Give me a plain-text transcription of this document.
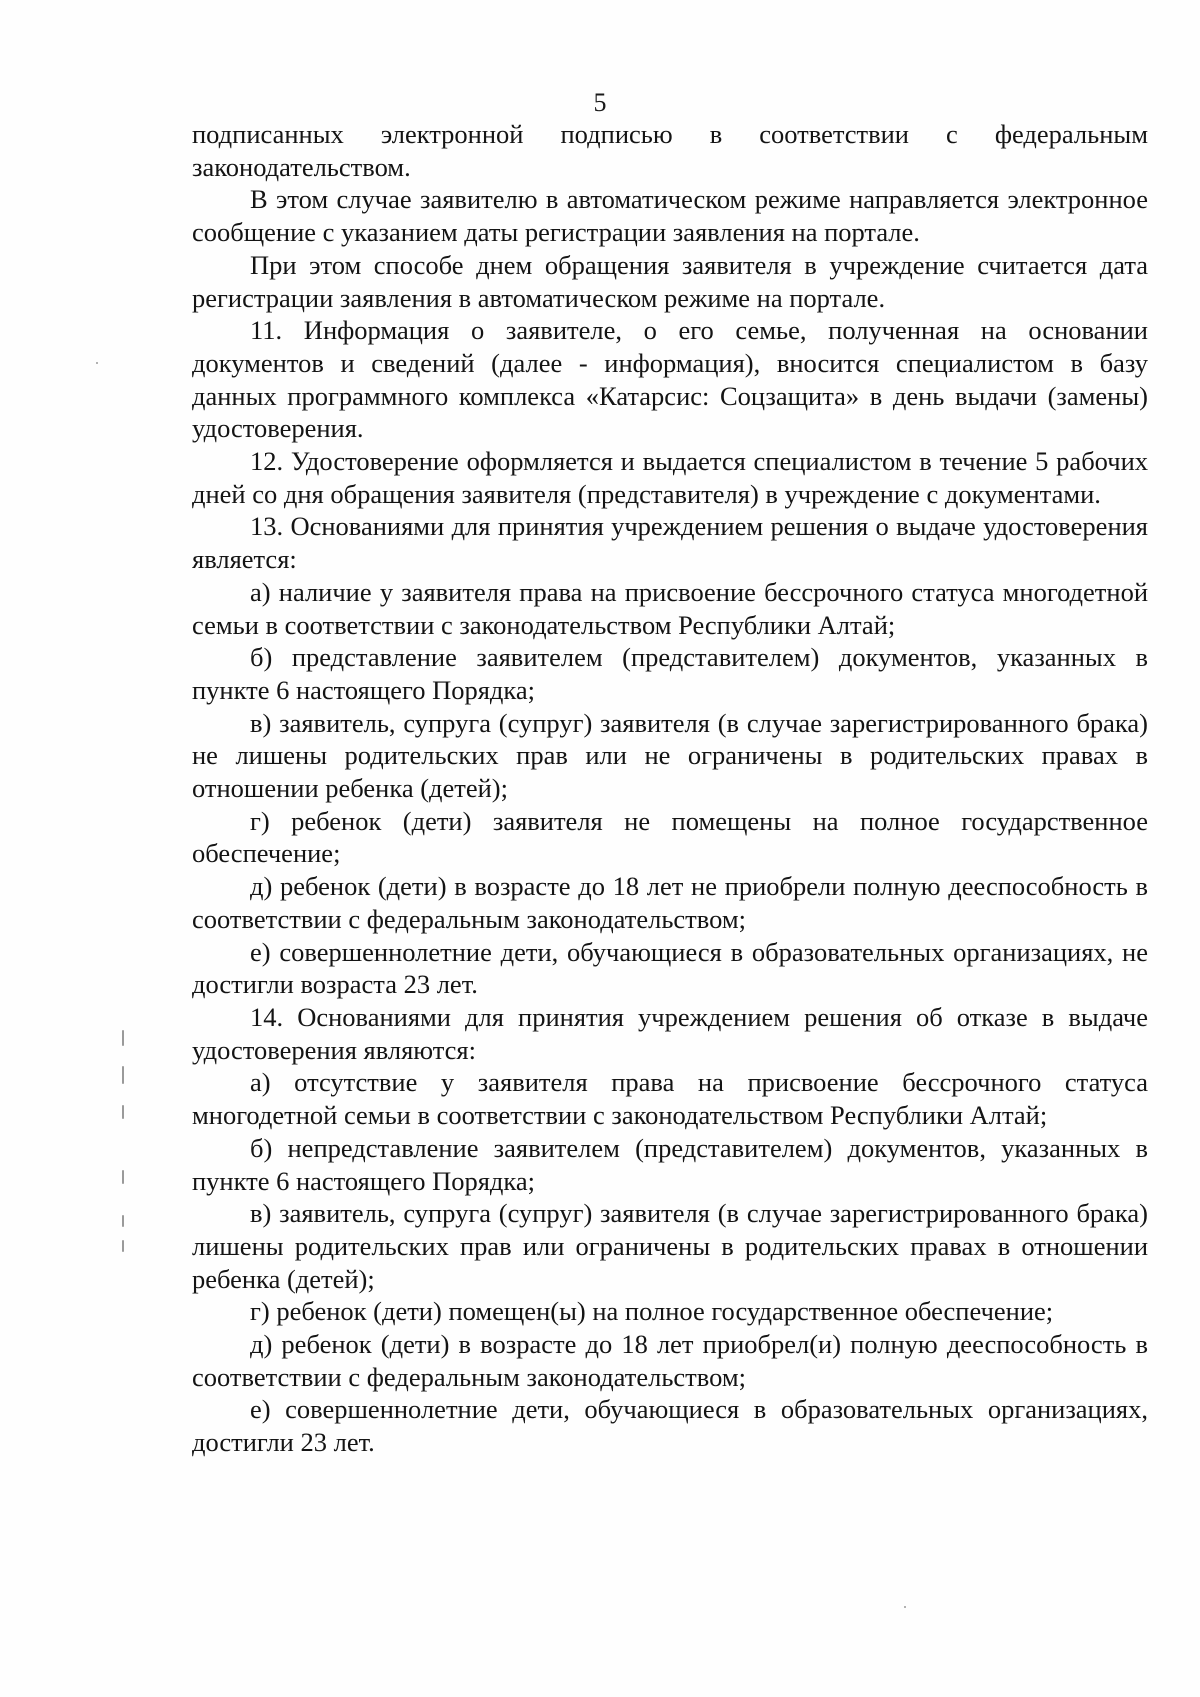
5

подписанных электронной подписью в соответствии с федеральным законодательством.

В этом случае заявителю в автоматическом режиме направляется электронное сообщение с указанием даты регистрации заявления на портале.

При этом способе днем обращения заявителя в учреждение считается дата регистрации заявления в автоматическом режиме на портале.

11. Информация о заявителе, о его семье, полученная на основании документов и сведений (далее - информация), вносится специалистом в базу данных программного комплекса «Катарсис: Соцзащита» в день выдачи (замены) удостоверения.

12. Удостоверение оформляется и выдается специалистом в течение 5 рабочих дней со дня обращения заявителя (представителя) в учреждение с документами.

13. Основаниями для принятия учреждением решения о выдаче удостоверения является:

а) наличие у заявителя права на присвоение бессрочного статуса многодетной семьи в соответствии с законодательством Республики Алтай;

б) представление заявителем (представителем) документов, указанных в пункте 6 настоящего Порядка;

в) заявитель, супруга (супруг) заявителя (в случае зарегистрированного брака) не лишены родительских прав или не ограничены в родительских правах в отношении ребенка (детей);

г) ребенок (дети) заявителя не помещены на полное государственное обеспечение;

д) ребенок (дети) в возрасте до 18 лет не приобрели полную дееспособность в соответствии с федеральным законодательством;

е) совершеннолетние дети, обучающиеся в образовательных организациях, не достигли возраста 23 лет.

14. Основаниями для принятия учреждением решения об отказе в выдаче удостоверения являются:

а) отсутствие у заявителя права на присвоение бессрочного статуса многодетной семьи в соответствии с законодательством Республики Алтай;

б) непредставление заявителем (представителем) документов, указанных в пункте 6 настоящего Порядка;

в) заявитель, супруга (супруг) заявителя (в случае зарегистрированного брака) лишены родительских прав или ограничены в родительских правах в отношении ребенка (детей);

г) ребенок (дети) помещен(ы) на полное государственное обеспечение;

д) ребенок (дети) в возрасте до 18 лет приобрел(и) полную дееспособность в соответствии с федеральным законодательством;

е) совершеннолетние дети, обучающиеся в образовательных организациях, достигли 23 лет.
